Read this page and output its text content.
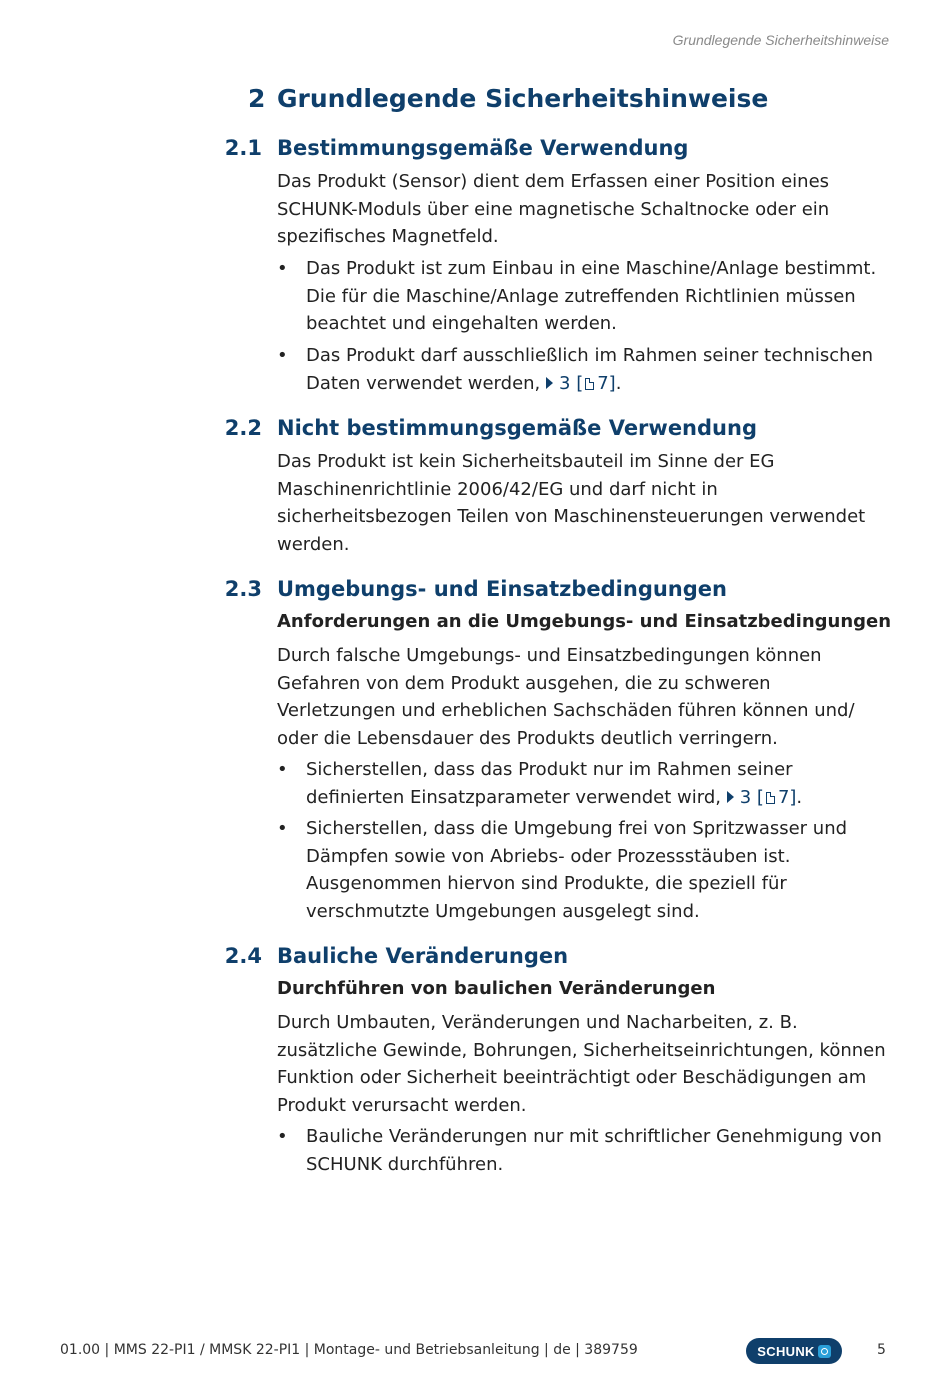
Grundlegende Sicherheitshinweise
2 Grundlegende Sicherheitshinweise
2.1 Bestimmungsgemäße Verwendung
Das Produkt (Sensor) dient dem Erfassen einer Position eines SCHUNK-Moduls über eine magnetische Schaltnocke oder ein spezifisches Magnetfeld.
• Das Produkt ist zum Einbau in eine Maschine/Anlage bestimmt. Die für die Maschine/Anlage zutreffenden Richtlinien müssen beachtet und eingehalten werden.
• Das Produkt darf ausschließlich im Rahmen seiner technischen Daten verwendet werden, 3 [ 7].
2.2 Nicht bestimmungsgemäße Verwendung
Das Produkt ist kein Sicherheitsbauteil im Sinne der EG Maschinenrichtlinie 2006/42/EG und darf nicht in sicherheitsbezogen Teilen von Maschinensteuerungen verwendet werden.
2.3 Umgebungs- und Einsatzbedingungen
Anforderungen an die Umgebungs- und Einsatzbedingungen
Durch falsche Umgebungs- und Einsatzbedingungen können Gefahren von dem Produkt ausgehen, die zu schweren Verletzungen und erheblichen Sachschäden führen können und/ oder die Lebensdauer des Produkts deutlich verringern.
• Sicherstellen, dass das Produkt nur im Rahmen seiner definierten Einsatzparameter verwendet wird, 3 [ 7].
• Sicherstellen, dass die Umgebung frei von Spritzwasser und Dämpfen sowie von Abriebs- oder Prozessstäuben ist. Ausgenommen hiervon sind Produkte, die speziell für verschmutzte Umgebungen ausgelegt sind.
2.4 Bauliche Veränderungen
Durchführen von baulichen Veränderungen
Durch Umbauten, Veränderungen und Nacharbeiten, z. B. zusätzliche Gewinde, Bohrungen, Sicherheitseinrichtungen, können Funktion oder Sicherheit beeinträchtigt oder Beschädigungen am Produkt verursacht werden.
• Bauliche Veränderungen nur mit schriftlicher Genehmigung von SCHUNK durchführen.
01.00 | MMS 22-PI1 / MMSK 22-PI1 | Montage- und Betriebsanleitung | de | 389759	SCHUNK	5
